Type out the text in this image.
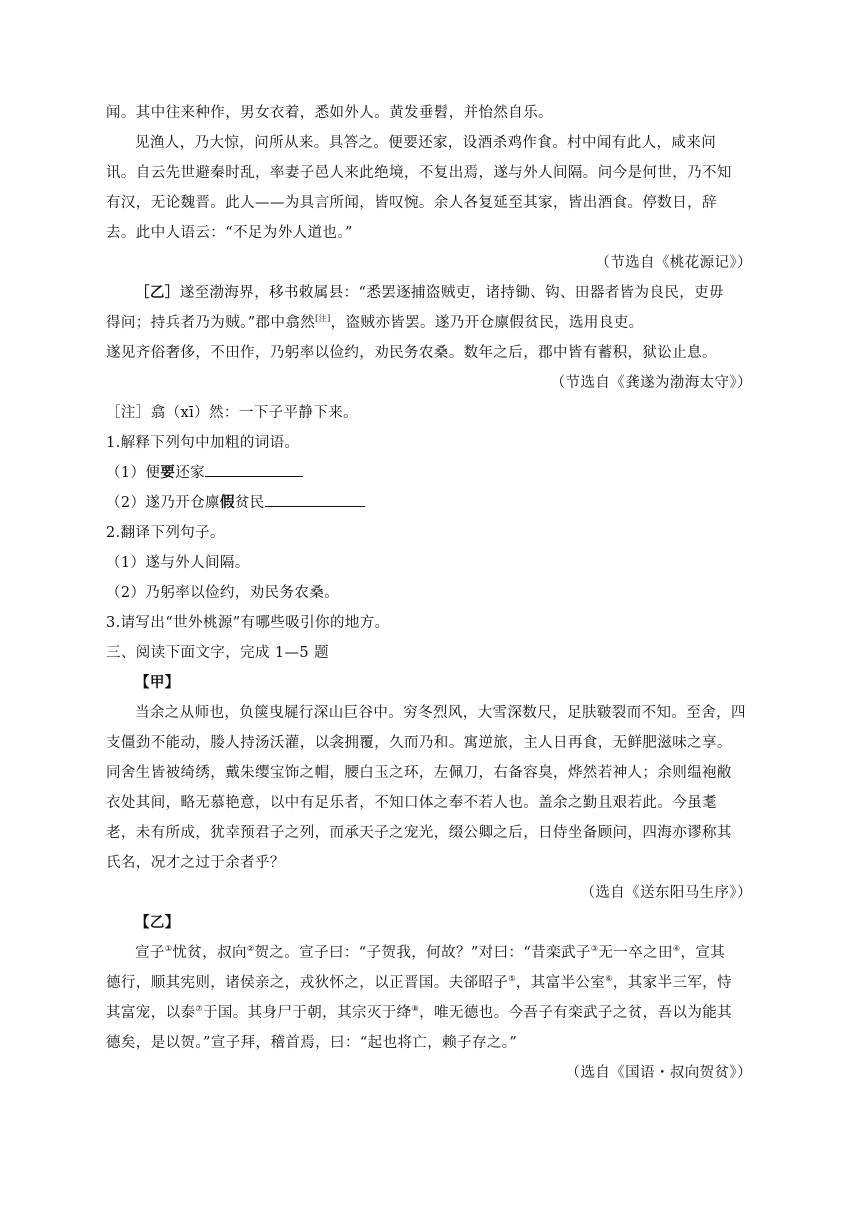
闻。其中往来种作，男女衣着，悉如外人。黄发垂髫，并怡然自乐。
见渔人，乃大惊，问所从来。具答之。便要还家，设酒杀鸡作食。村中闻有此人，咸来问
讯。自云先世避秦时乱，率妻子邑人来此绝境，不复出焉，遂与外人间隔。问今是何世，乃不知
有汉，无论魏晋。此人——为具言所闻，皆叹惋。余人各复延至其家，皆出酒食。停数日，辞
去。此中人语云：“不足为外人道也。”
（节选自《桃花源记》）
［乙］遂至渤海界，移书敕属县：“悉罢逐捕盗贼吏，诸持锄、钩、田器者皆为良民，吏毋
得问；持兵者乃为贼。”郡中翕然[注]，盗贼亦皆罢。遂乃开仓廪假贫民，选用良吏。
遂见齐俗奢侈，不田作，乃躬率以俭约，劝民务农桑。数年之后，郡中皆有蓄积，狱讼止息。
（节选自《龚遂为渤海太守》）
［注］翕（xī）然：一下子平静下来。
1.解释下列句中加粗的词语。
（1）便要还家
（2）遂乃开仓廪假贫民
2.翻译下列句子。
（1）遂与外人间隔。
（2）乃躬率以俭约，劝民务农桑。
3.请写出“世外桃源”有哪些吸引你的地方。
三、阅读下面文字，完成 1—5 题
【甲】
当余之从师也，负箧曳屣行深山巨谷中。穷冬烈风，大雪深数尺，足肤皲裂而不知。至舍，四
支僵劲不能动，媵人持汤沃灌，以衾拥覆，久而乃和。寓逆旅，主人日再食，无鲜肥滋味之享。
同舍生皆被绮绣，戴朱缨宝饰之帽，腰白玉之环，左佩刀，右备容臭，烨然若神人；余则缊袍敝
衣处其间，略无慕艳意，以中有足乐者，不知口体之奉不若人也。盖余之勤且艰若此。今虽耄
老，未有所成，犹幸预君子之列，而承天子之宠光，缀公卿之后，日侍坐备顾问，四海亦谬称其
氏名，况才之过于余者乎？
（选自《送东阳马生序》）
【乙】
宣子①忧贫，叔向②贺之。宣子曰：“子贺我，何故？”对曰：“昔栾武子③无一卒之田④，宣其
德行，顺其宪则，诸侯亲之，戎狄怀之，以正晋国。夫郤昭子⑤，其富半公室⑥，其家半三军，恃
其富宠，以泰⑦于国。其身尸于朝，其宗灭于绛⑧，唯无德也。今吾子有栾武子之贫，吾以为能其
德矣，是以贺。”宣子拜，稽首焉，曰：“起也将亡，赖子存之。”
（选自《国语・叔向贺贫》）
